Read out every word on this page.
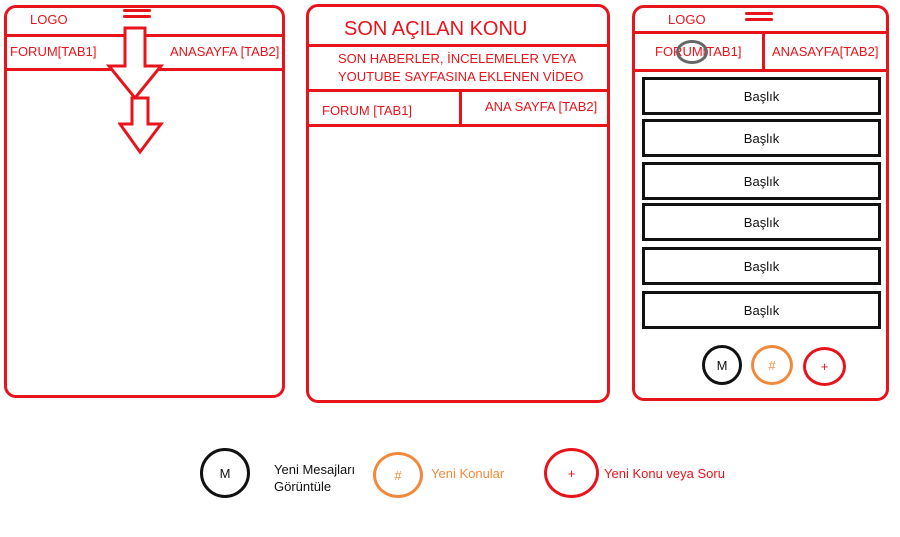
LOGO
FORUM[TAB1]	ANASAYFA [TAB2]
SON AÇILAN KONU
SON HABERLER, İNCELEMELER VEYA
YOUTUBE SAYFASINA EKLENEN VİDEO
FORUM [TAB1]	ANA SAYFA [TAB2]
LOGO
FORUM[TAB1] ANASAYFA[TAB2]
Başlık
Başlık
Başlık
Başlık
Başlık
Başlık
M	#	+
M	Yeni Mesajları
Görüntüle
#	Yeni Konular	+	Yeni Konu veya Soru
